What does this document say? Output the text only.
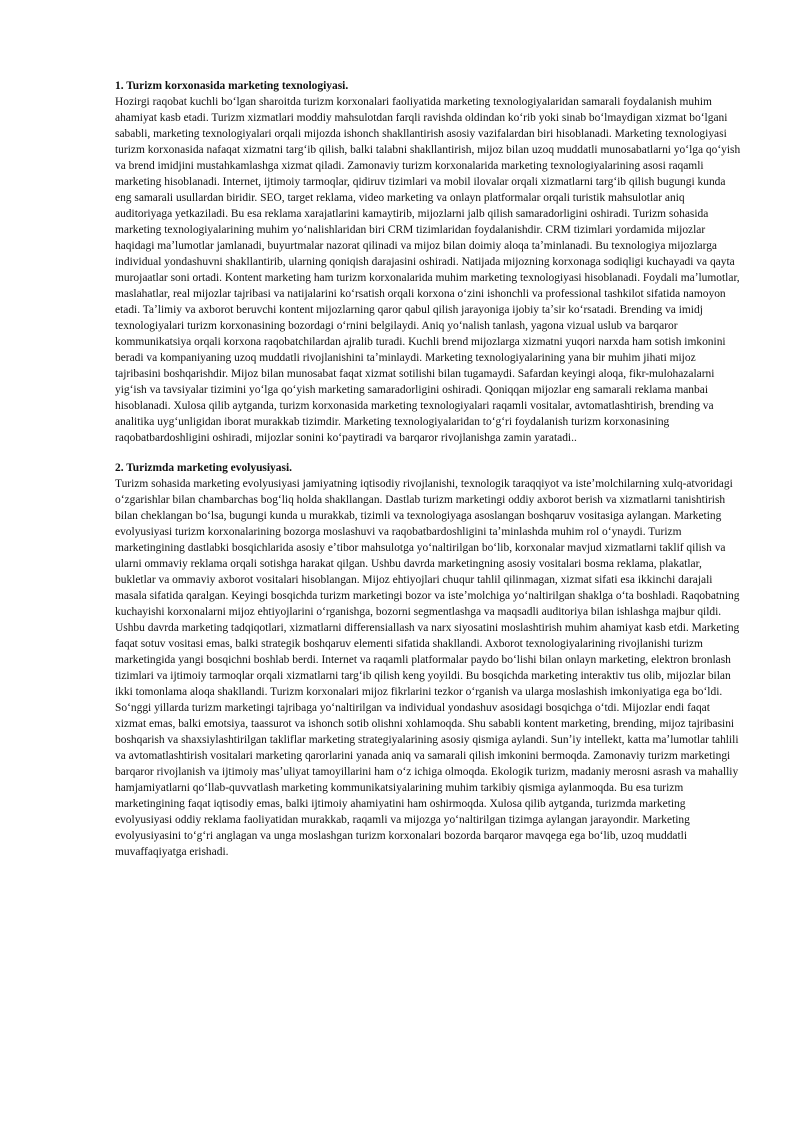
1. Turizm korxonasida marketing texnologiyasi.

Hozirgi raqobat kuchli boʻlgan sharoitda turizm korxonalari faoliyatida marketing texnologiyalaridan samarali foydalanish muhim ahamiyat kasb etadi. Turizm xizmatlari moddiy mahsulotdan farqli ravishda oldindan koʻrib yoki sinab boʻlmaydigan xizmat boʻlgani sababli, marketing texnologiyalari orqali mijozda ishonch shakllantirish asosiy vazifalardan biri hisoblanadi. Marketing texnologiyasi turizm korxonasida nafaqat xizmatni targʻib qilish, balki talabni shakllantirish, mijoz bilan uzoq muddatli munosabatlarni yoʻlga qoʻyish va brend imidjini mustahkamlashga xizmat qiladi. Zamonaviy turizm korxonalarida marketing texnologiyalarining asosi raqamli marketing hisoblanadi. Internet, ijtimoiy tarmoqlar, qidiruv tizimlari va mobil ilovalar orqali xizmatlarni targʻib qilish bugungi kunda eng samarali usullardan biridir. SEO, target reklama, video marketing va onlayn platformalar orqali turistik mahsulotlar aniq auditoriyaga yetkaziladi. Bu esa reklama xarajatlarini kamaytirib, mijozlarni jalb qilish samaradorligini oshiradi. Turizm sohasida marketing texnologiyalarining muhim yoʻnalishlaridan biri CRM tizimlaridan foydalanishdir. CRM tizimlari yordamida mijozlar haqidagi maʼlumotlar jamlanadi, buyurtmalar nazorat qilinadi va mijoz bilan doimiy aloqa taʼminlanadi. Bu texnologiya mijozlarga individual yondashuvni shakllantirib, ularning qoniqish darajasini oshiradi. Natijada mijozning korxonaga sodiqligi kuchayadi va qayta murojaatlar soni ortadi. Kontent marketing ham turizm korxonalarida muhim marketing texnologiyasi hisoblanadi. Foydali maʼlumotlar, maslahatlar, real mijozlar tajribasi va natijalarini koʻrsatish orqali korxona oʻzini ishonchli va professional tashkilot sifatida namoyon etadi. Taʼlimiy va axborot beruvchi kontent mijozlarning qaror qabul qilish jarayoniga ijobiy taʼsir koʻrsatadi. Brending va imidj texnologiyalari turizm korxonasining bozordagi oʻrnini belgilaydi. Aniq yoʻnalish tanlash, yagona vizual uslub va barqaror kommunikatsiya orqali korxona raqobatchilardan ajralib turadi. Kuchli brend mijozlarga xizmatni yuqori narxda ham sotish imkonini beradi va kompaniyaning uzoq muddatli rivojlanishini taʼminlaydi. Marketing texnologiyalarining yana bir muhim jihati mijoz tajribasini boshqarishdir. Mijoz bilan munosabat faqat xizmat sotilishi bilan tugamaydi. Safardan keyingi aloqa, fikr-mulohazalarni yigʻish va tavsiyalar tizimini yoʻlga qoʻyish marketing samaradorligini oshiradi. Qoniqqan mijozlar eng samarali reklama manbai hisoblanadi. Xulosa qilib aytganda, turizm korxonasida marketing texnologiyalari raqamli vositalar, avtomatlashtirish, brending va analitika uygʻunligidan iborat murakkab tizimdir. Marketing texnologiyalaridan toʻgʻri foydalanish turizm korxonasining raqobatbardoshligini oshiradi, mijozlar sonini koʻpaytiradi va barqaror rivojlanishga zamin yaratadi..

2. Turizmda marketing evolyusiyasi.

Turizm sohasida marketing evolyusiyasi jamiyatning iqtisodiy rivojlanishi, texnologik taraqqiyot va isteʼmolchilarning xulq-atvoridagi oʻzgarishlar bilan chambarchas bogʻliq holda shakllangan. Dastlab turizm marketingi oddiy axborot berish va xizmatlarni tanishtirish bilan cheklangan boʻlsa, bugungi kunda u murakkab, tizimli va texnologiyaga asoslangan boshqaruv vositasiga aylangan. Marketing evolyusiyasi turizm korxonalarining bozorga moslashuvi va raqobatbardoshligini taʼminlashda muhim rol oʻynaydi. Turizm marketingining dastlabki bosqichlarida asosiy eʼtibor mahsulotga yoʻnaltirilgan boʻlib, korxonalar mavjud xizmatlarni taklif qilish va ularni ommaviy reklama orqali sotishga harakat qilgan. Ushbu davrda marketingning asosiy vositalari bosma reklama, plakatlar, bukletlar va ommaviy axborot vositalari hisoblangan. Mijoz ehtiyojlari chuqur tahlil qilinmagan, xizmat sifati esa ikkinchi darajali masala sifatida qaralgan. Keyingi bosqichda turizm marketingi bozor va isteʼmolchiga yoʻnaltirilgan shaklga oʻta boshladi. Raqobatning kuchayishi korxonalarni mijoz ehtiyojlarini oʻrganishga, bozorni segmentlashga va maqsadli auditoriya bilan ishlashga majbur qildi. Ushbu davrda marketing tadqiqotlari, xizmatlarni differensiallash va narx siyosatini moslashtirish muhim ahamiyat kasb etdi. Marketing faqat sotuv vositasi emas, balki strategik boshqaruv elementi sifatida shakllandi. Axborot texnologiyalarining rivojlanishi turizm marketingida yangi bosqichni boshlab berdi. Internet va raqamli platformalar paydo boʻlishi bilan onlayn marketing, elektron bronlash tizimlari va ijtimoiy tarmoqlar orqali xizmatlarni targʻib qilish keng yoyildi. Bu bosqichda marketing interaktiv tus olib, mijozlar bilan ikki tomonlama aloqa shakllandi. Turizm korxonalari mijoz fikrlarini tezkor oʻrganish va ularga moslashish imkoniyatiga ega boʻldi. Soʻnggi yillarda turizm marketingi tajribaga yoʻnaltirilgan va individual yondashuv asosidagi bosqichga oʻtdi. Mijozlar endi faqat xizmat emas, balki emotsiya, taassurot va ishonch sotib olishni xohlamoqda. Shu sababli kontent marketing, brending, mijoz tajribasini boshqarish va shaxsiylashtirilgan takliflar marketing strategiyalarining asosiy qismiga aylandi. Sunʼiy intellekt, katta maʼlumotlar tahlili va avtomatlashtirish vositalari marketing qarorlarini yanada aniq va samarali qilish imkonini bermoqda. Zamonaviy turizm marketingi barqaror rivojlanish va ijtimoiy masʼuliyat tamoyillarini ham oʻz ichiga olmoqda. Ekologik turizm, madaniy merosni asrash va mahalliy hamjamiyatlarni qoʻllab-quvvatlash marketing kommunikatsiyalarining muhim tarkibiy qismiga aylanmoqda. Bu esa turizm marketingining faqat iqtisodiy emas, balki ijtimoiy ahamiyatini ham oshirmoqda. Xulosa qilib aytganda, turizmda marketing evolyusiyasi oddiy reklama faoliyatidan murakkab, raqamli va mijozga yoʻnaltirilgan tizimga aylangan jarayondir. Marketing evolyusiyasini toʻgʻri anglagan va unga moslashgan turizm korxonalari bozorda barqaror mavqega ega boʻlib, uzoq muddatli muvaffaqiyatga erishadi.
